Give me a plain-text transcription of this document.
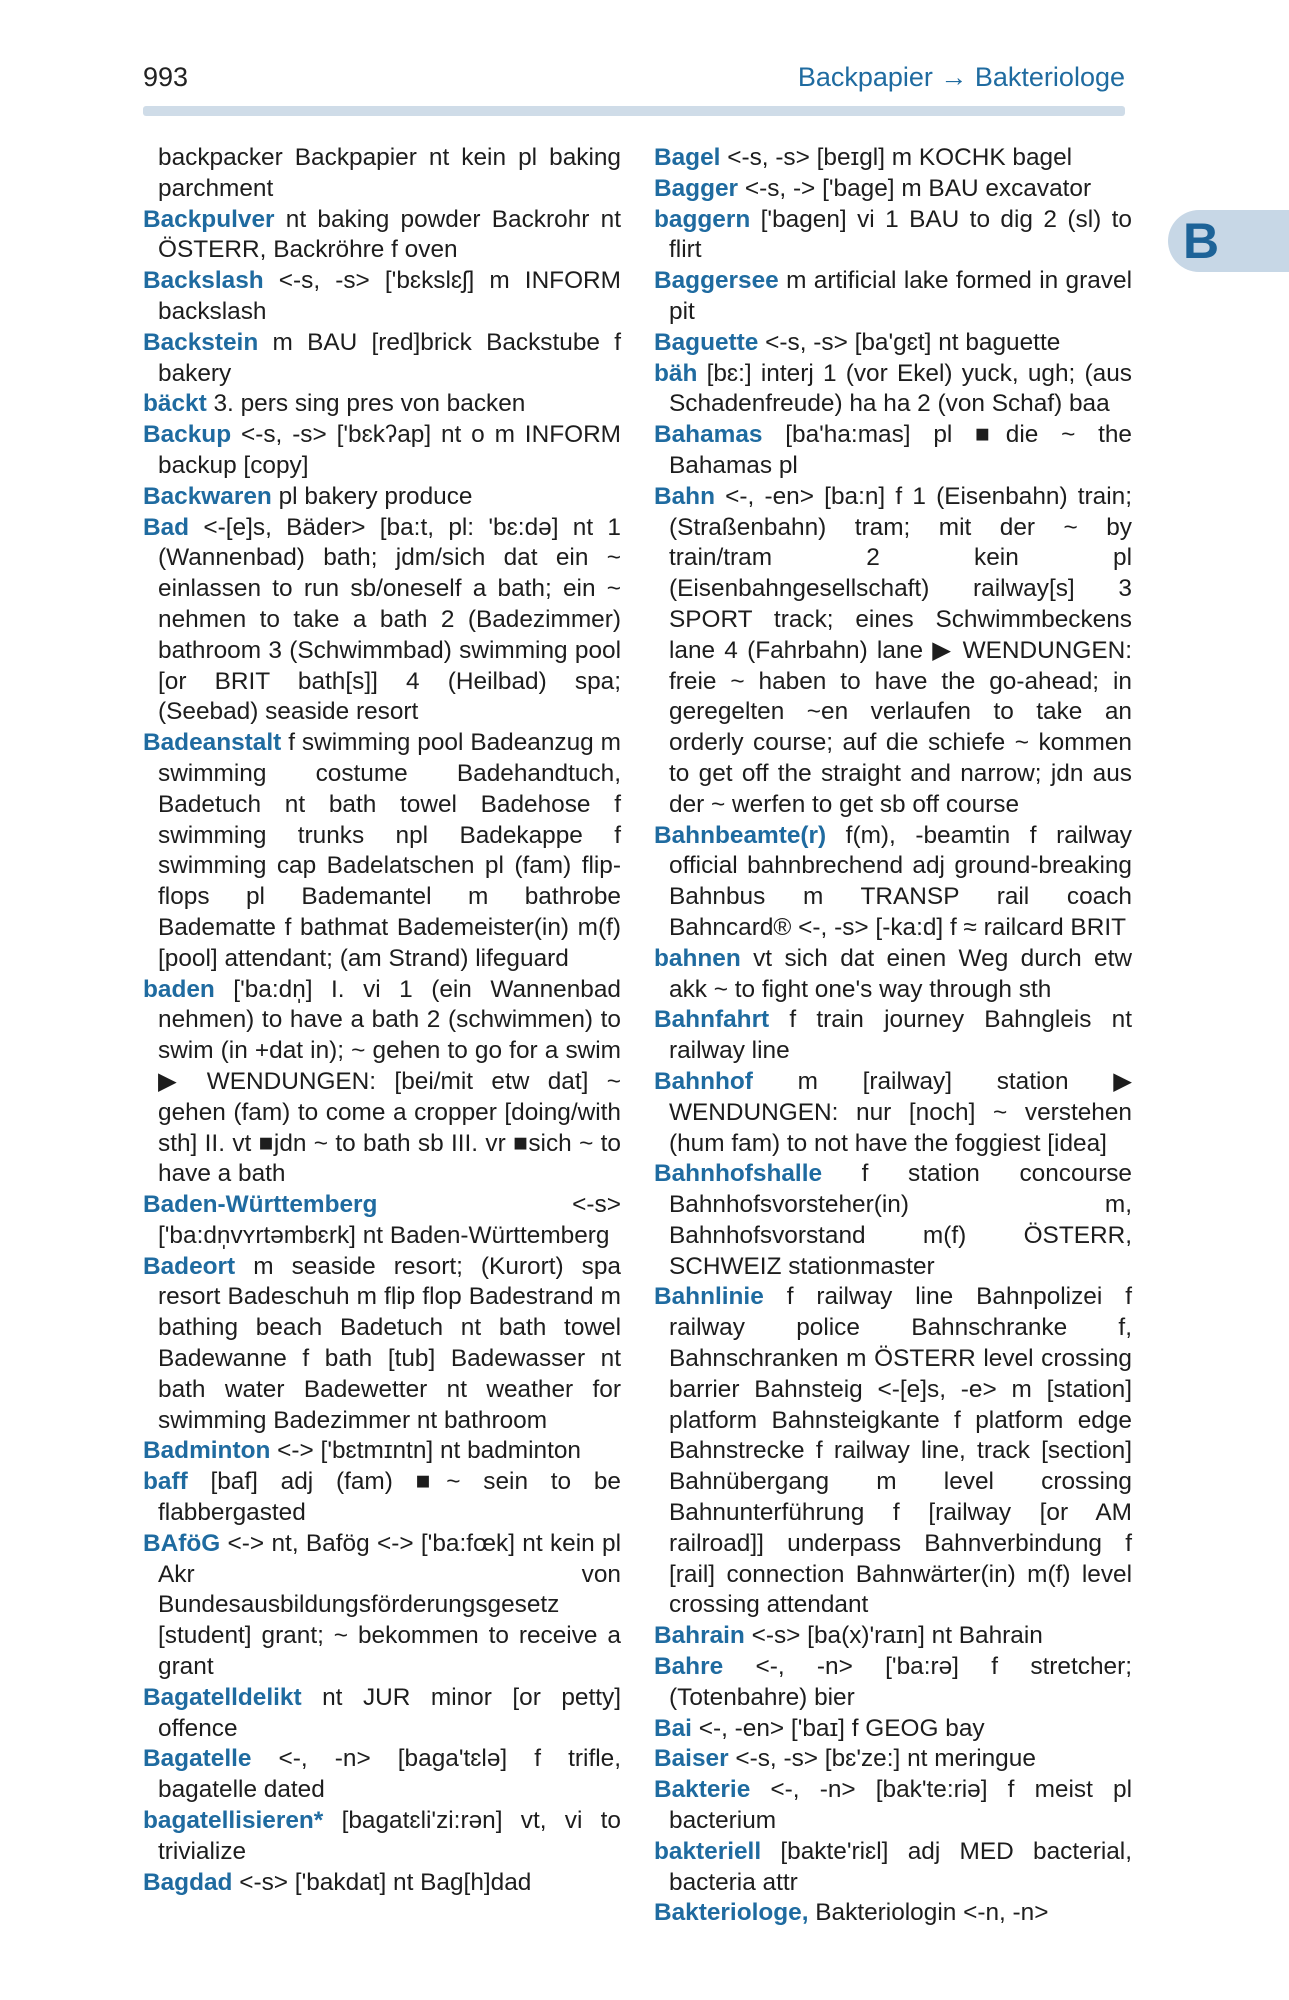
993	Backpapier → Bakteriologe
B

backpacker Backpapier nt kein pl baking parchment

Backpulver nt baking powder Backrohr nt ÖSTERR, Backröhre f oven

Backslash <-s, -s> ['bɛkslɛʃ] m INFORM backslash

Backstein m BAU [red]brick Backstube f bakery

bäckt 3. pers sing pres von backen

Backup <-s, -s> ['bɛkʔap] nt o m INFORM backup [copy]

Backwaren pl bakery produce

Bad <-[e]s, Bäder> [ba:t, pl: 'bɛ:də] nt 1 (Wannenbad) bath; jdm/sich dat ein ~ einlassen to run sb/oneself a bath; ein ~ nehmen to take a bath 2 (Badezimmer) bathroom 3 (Schwimmbad) swimming pool [or BRIT bath[s]] 4 (Heilbad) spa; (Seebad) seaside resort

Badeanstalt f swimming pool Badeanzug m swimming costume Badehandtuch, Badetuch nt bath towel Badehose f swimming trunks npl Badekappe f swimming cap Badelatschen pl (fam) flip-flops pl Bademantel m bathrobe Badematte f bathmat Bademeister(in) m(f) [pool] attendant; (am Strand) lifeguard

baden ['ba:dn̩] I. vi 1 (ein Wannenbad nehmen) to have a bath 2 (schwimmen) to swim (in +dat in); ~ gehen to go for a swim ▶ WENDUNGEN: [bei/mit etw dat] ~ gehen (fam) to come a cropper [doing/with sth] II. vt ■jdn ~ to bath sb III. vr ■sich ~ to have a bath

Baden-Württemberg <-s> ['ba:dn̩vʏrtəmbɛrk] nt Baden-Württemberg

Badeort m seaside resort; (Kurort) spa resort Badeschuh m flip flop Badestrand m bathing beach Badetuch nt bath towel Badewanne f bath [tub] Badewasser nt bath water Badewetter nt weather for swimming Badezimmer nt bathroom

Badminton <-> ['bɛtmɪntn] nt badminton

baff [baf] adj (fam) ■~ sein to be flabbergasted

BAföG <-> nt, Bafög <-> ['ba:fœk] nt kein pl Akr von Bundesausbildungsförderungsgesetz [student] grant; ~ bekommen to receive a grant

Bagatelldelikt nt JUR minor [or petty] offence

Bagatelle <-, -n> [baga'tɛlə] f trifle, bagatelle dated

bagatellisieren* [bagatɛli'zi:rən] vt, vi to trivialize

Bagdad <-s> ['bakdat] nt Bag[h]dad

Bagel <-s, -s> [beɪgl] m KOCHK bagel

Bagger <-s, -> ['bage] m BAU excavator

baggern ['bagen] vi 1 BAU to dig 2 (sl) to flirt

Baggersee m artificial lake formed in gravel pit

Baguette <-s, -s> [ba'gɛt] nt baguette

bäh [bɛ:] interj 1 (vor Ekel) yuck, ugh; (aus Schadenfreude) ha ha 2 (von Schaf) baa

Bahamas [ba'ha:mas] pl ■die ~ the Bahamas pl

Bahn <-, -en> [ba:n] f 1 (Eisenbahn) train; (Straßenbahn) tram; mit der ~ by train/tram 2 kein pl (Eisenbahngesellschaft) railway[s] 3 SPORT track; eines Schwimmbeckens lane 4 (Fahrbahn) lane ▶ WENDUNGEN: freie ~ haben to have the go-ahead; in geregelten ~en verlaufen to take an orderly course; auf die schiefe ~ kommen to get off the straight and narrow; jdn aus der ~ werfen to get sb off course

Bahnbeamte(r) f(m), -beamtin f railway official bahnbrechend adj ground-breaking Bahnbus m TRANSP rail coach Bahncard® <-, -s> [-ka:d] f ≈ railcard BRIT

bahnen vt sich dat einen Weg durch etw akk ~ to fight one's way through sth

Bahnfahrt f train journey Bahngleis nt railway line

Bahnhof m [railway] station ▶ WENDUNGEN: nur [noch] ~ verstehen (hum fam) to not have the foggiest [idea]

Bahnhofshalle f station concourse Bahnhofsvorsteher(in) m, Bahnhofsvorstand m(f) ÖSTERR, SCHWEIZ stationmaster

Bahnlinie f railway line Bahnpolizei f railway police Bahnschranke f, Bahnschranken m ÖSTERR level crossing barrier Bahnsteig <-[e]s, -e> m [station] platform Bahnsteigkante f platform edge Bahnstrecke f railway line, track [section] Bahnübergang m level crossing Bahnunterführung f [railway [or AM railroad]] underpass Bahnverbindung f [rail] connection Bahnwärter(in) m(f) level crossing attendant

Bahrain <-s> [ba(x)'raɪn] nt Bahrain

Bahre <-, -n> ['ba:rə] f stretcher; (Totenbahre) bier

Bai <-, -en> ['baɪ] f GEOG bay

Baiser <-s, -s> [bɛ'ze:] nt meringue

Bakterie <-, -n> [bak'te:riə] f meist pl bacterium

bakteriell [bakte'riɛl] adj MED bacterial, bacteria attr

Bakteriologe, Bakteriologin <-n, -n>
